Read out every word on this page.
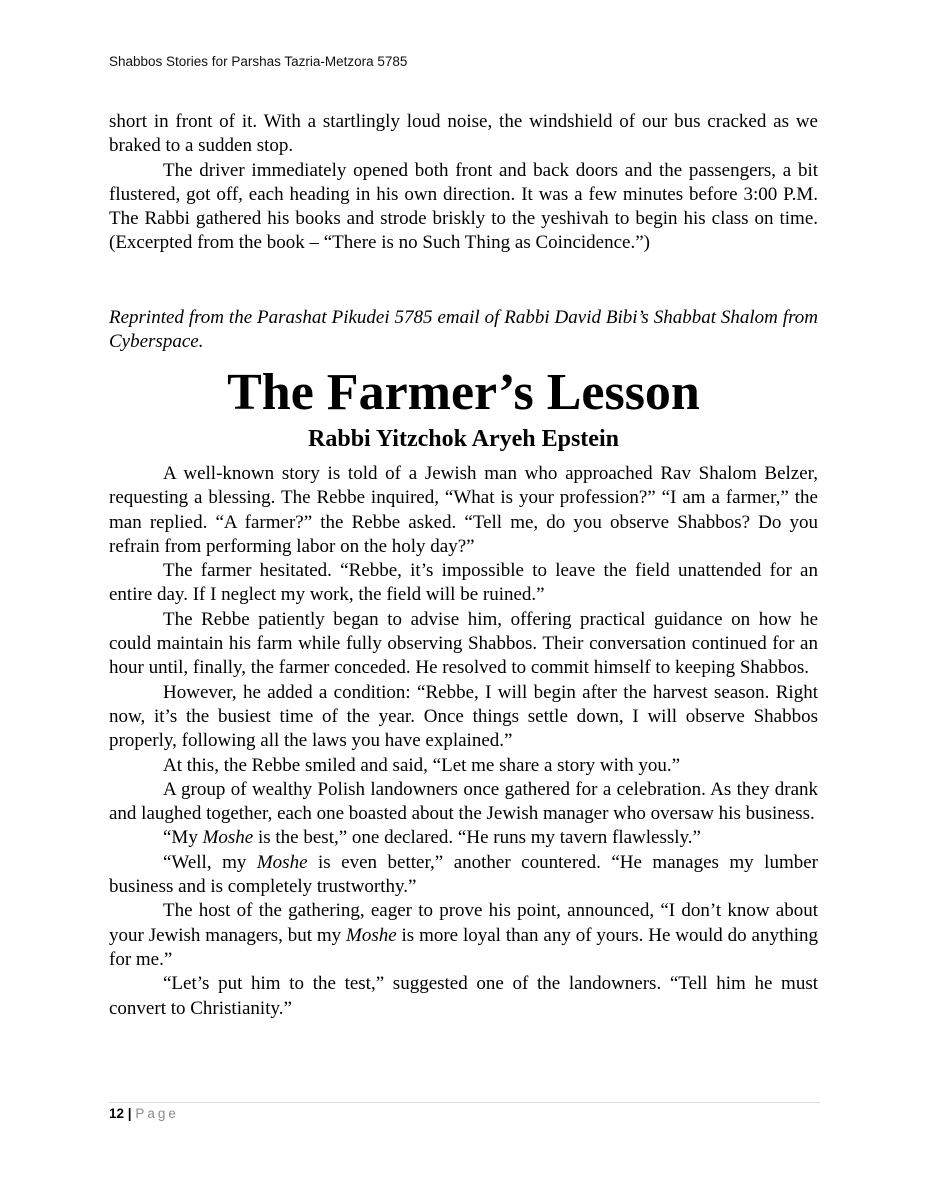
Shabbos Stories for Parshas Tazria-Metzora 5785

short in front of it. With a startlingly loud noise, the windshield of our bus cracked as we braked to a sudden stop.

The driver immediately opened both front and back doors and the passengers, a bit flustered, got off, each heading in his own direction. It was a few minutes before 3:00 P.M. The Rabbi gathered his books and strode briskly to the yeshivah to begin his class on time. (Excerpted from the book – “There is no Such Thing as Coincidence.”)

Reprinted from the Parashat Pikudei 5785 email of Rabbi David Bibi’s Shabbat Shalom from Cyberspace.

The Farmer’s Lesson
Rabbi Yitzchok Aryeh Epstein

A well-known story is told of a Jewish man who approached Rav Shalom Belzer, requesting a blessing. The Rebbe inquired, “What is your profession?” “I am a farmer,” the man replied. “A farmer?” the Rebbe asked. “Tell me, do you observe Shabbos? Do you refrain from performing labor on the holy day?”

The farmer hesitated. “Rebbe, it’s impossible to leave the field unattended for an entire day. If I neglect my work, the field will be ruined.”

The Rebbe patiently began to advise him, offering practical guidance on how he could maintain his farm while fully observing Shabbos. Their conversation continued for an hour until, finally, the farmer conceded. He resolved to commit himself to keeping Shabbos.

However, he added a condition: “Rebbe, I will begin after the harvest season. Right now, it’s the busiest time of the year. Once things settle down, I will observe Shabbos properly, following all the laws you have explained.”

At this, the Rebbe smiled and said, “Let me share a story with you.”

A group of wealthy Polish landowners once gathered for a celebration. As they drank and laughed together, each one boasted about the Jewish manager who oversaw his business.

“My Moshe is the best,” one declared. “He runs my tavern flawlessly.”

“Well, my Moshe is even better,” another countered. “He manages my lumber business and is completely trustworthy.”

The host of the gathering, eager to prove his point, announced, “I don’t know about your Jewish managers, but my Moshe is more loyal than any of yours. He would do anything for me.”

“Let’s put him to the test,” suggested one of the landowners. “Tell him he must convert to Christianity.”

12 | Page
